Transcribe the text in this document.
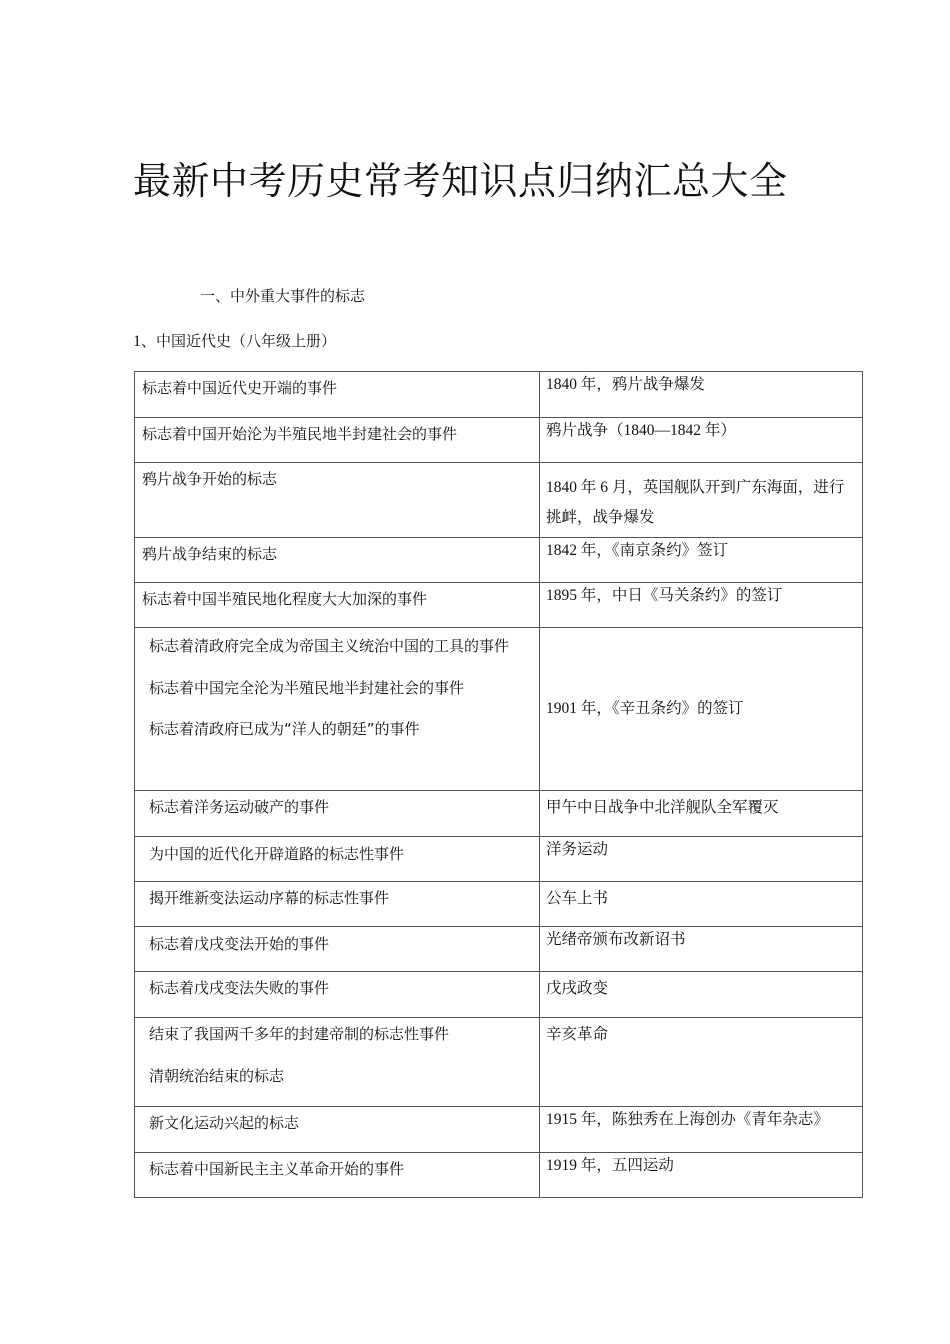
最新中考历史常考知识点归纳汇总大全
一、中外重大事件的标志
1、中国近代史（八年级上册）
标志着中国近代史开端的事件	1840 年，鸦片战争爆发

标志着中国开始沦为半殖民地半封建社会的事件	鸦片战争（1840—1842 年）

鸦片战争开始的标志	1840 年 6 月，英国舰队开到广东海面，进行挑衅，战争爆发

鸦片战争结束的标志	1842 年，《南京条约》签订

标志着中国半殖民地化程度大大加深的事件	1895 年，中日《马关条约》的签订

标志着清政府完全成为帝国主义统治中国的工具的事件
标志着中国完全沦为半殖民地半封建社会的事件
标志着清政府已成为“洋人的朝廷”的事件	1901 年，《辛丑条约》的签订

标志着洋务运动破产的事件	甲午中日战争中北洋舰队全军覆灭

为中国的近代化开辟道路的标志性事件	洋务运动

揭开维新变法运动序幕的标志性事件	公车上书

标志着戊戌变法开始的事件	光绪帝颁布改新诏书

标志着戊戌变法失败的事件	戊戌政变

结束了我国两千多年的封建帝制的标志性事件
清朝统治结束的标志	辛亥革命

新文化运动兴起的标志	1915 年，陈独秀在上海创办《青年杂志》

标志着中国新民主主义革命开始的事件	1919 年，五四运动
